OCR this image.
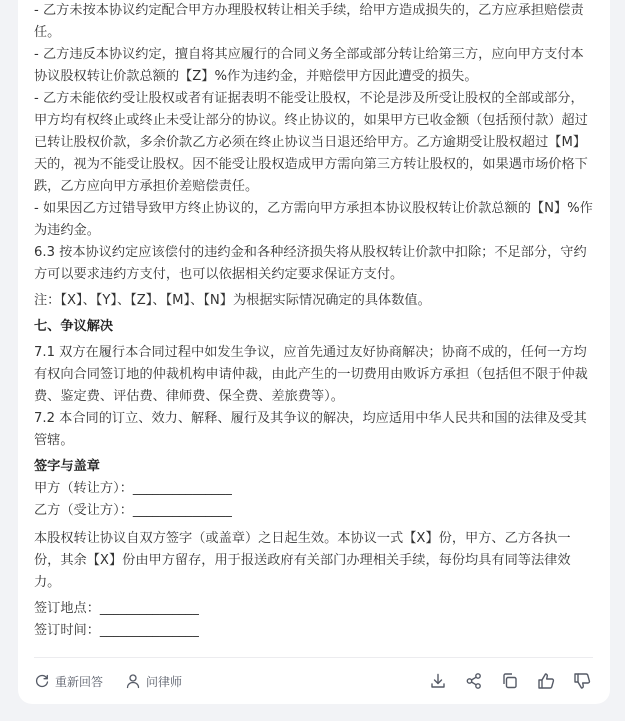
- 乙方未按本协议约定配合甲方办理股权转让相关手续，给甲方造成损失的，乙方应承担赔偿责任。

- 乙方违反本协议约定，擅自将其应履行的合同义务全部或部分转让给第三方，应向甲方支付本协议股权转让价款总额的【Z】%作为违约金，并赔偿甲方因此遭受的损失。

- 乙方未能依约受让股权或者有证据表明不能受让股权，不论是涉及所受让股权的全部或部分，甲方均有权终止或终止未受让部分的协议。终止协议的，如果甲方已收金额（包括预付款）超过已转让股权价款，多余价款乙方必须在终止协议当日退还给甲方。乙方逾期受让股权超过【M】天的，视为不能受让股权。因不能受让股权造成甲方需向第三方转让股权的，如果遇市场价格下跌，乙方应向甲方承担价差赔偿责任。

- 如果因乙方过错导致甲方终止协议的，乙方需向甲方承担本协议股权转让价款总额的【N】%作为违约金。

6.3 按本协议约定应该偿付的违约金和各种经济损失将从股权转让价款中扣除；不足部分，守约方可以要求违约方支付，也可以依据相关约定要求保证方支付。

注：【X】、【Y】、【Z】、【M】、【N】为根据实际情况确定的具体数值。

七、争议解决

7.1 双方在履行本合同过程中如发生争议，应首先通过友好协商解决；协商不成的，任何一方均有权向合同签订地的仲裁机构申请仲裁，由此产生的一切费用由败诉方承担（包括但不限于仲裁费、鉴定费、评估费、律师费、保全费、差旅费等）。

7.2 本合同的订立、效力、解释、履行及其争议的解决，均应适用中华人民共和国的法律及受其管辖。

签字与盖章

甲方（转让方）：_______________

乙方（受让方）：_______________

本股权转让协议自双方签字（或盖章）之日起生效。本协议一式【X】份，甲方、乙方各执一份，其余【X】份由甲方留存，用于报送政府有关部门办理相关手续，每份均具有同等法律效力。

签订地点：_______________

签订时间：_______________

重新回答	问律师
